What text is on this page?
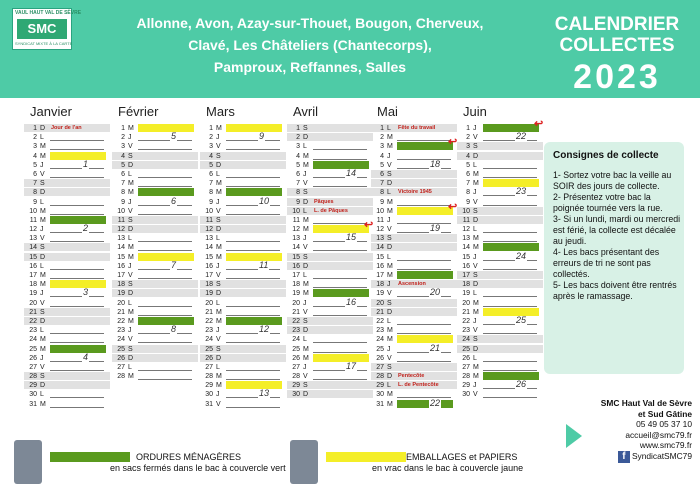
VAUL HAUT VAL DE SÈVRE
SMC
SYNDICAT MIXTE À LA CARTE
Allonne, Avon, Azay-sur-Thouet, Bougon, Cherveux,
Clavé, Les Châteliers (Chantecorps),
Pamproux, Reffannes, Salles
CALENDRIER
COLLECTES
2023
Janvier
1 D Jour de l'an
2 L
3 M
4 M
5 J	1
6 V
7 S
8 D
9 L
10 M
11 M
12 J	2
13 V
14 S
15 D
16 L
17 M
18 M
19 J	3
20 V
21 S
22 D
23 L
24 M
25 M
26 J	4
27 V
28 S
29 D
30 L
31 M
Février
1 M
2 J	5
3 V
4 S
5 D
6 L
7 M
8 M
9 J	6
10 V
11 S
12 D
13 L
14 M
15 M
16 J	7
17 V
18 S
19 D
20 L
21 M
22 M
23 J	8
24 V
25 S
26 D
27 L
28 M
Mars
1 M
2 J	9
3 V
4 S
5 D
6 L
7 M
8 M
9 J	10
10 V
11 S
12 D
13 L
14 M
15 M
16 J	11
17 V
18 S
19 D
20 L
21 M
22 M
23 J	12
24 V
25 S
26 D
27 L
28 M
29 M
30 J	13
31 V
Avril
1 S
2 D
3 L
4 M
5 M
6 J	14
7 V
8 S
9 D Pâques
10 L L. de Pâques
11 M
12 M	↩
13 J	15
14 V
15 S
16 D
17 L
18 M
19 M
20 J	16
21 V
22 S
23 D
24 L
25 M
26 M
27 J	17
28 V
29 S
30 D
Mai
1 L Fête du travail
2 M
3 M	↩
4 J
5 V	18
6 S
7 D
8 L Victoire 1945
9 M
10 M	↩
11 J
12 V	19
13 S
14 D
15 L
16 M
17 M
18 J Ascension
19 V	20
20 S
21 D
22 L
23 M
24 M
25 J	21
26 V
27 S
28 D Pentecôte
29 L L. de Pentecôte
30 M
31 M	22
Juin
1 J	↩
2 V	22
3 S
4 D
5 L
6 M
7 M
8 J	23
9 V
10 S
11 D
12 L
13 M
14 M
15 J	24
16 V
17 S
18 D
19 L
20 M
21 M
22 J	25
23 V
24 S
25 D
26 L
27 M
28 M
29 J	26
30 V
Consignes de collecte

1- Sortez votre bac la veille au SOIR des jours de collecte.

2- Présentez votre bac la poignée tournée vers la rue.

3- Si un lundi, mardi ou mercredi est férié, la collecte est décalée au jeudi.

4- Les bacs présentant des erreurs de tri ne sont pas collectés.

5- Les bacs doivent être rentrés après le ramassage.

SMC Haut Val de Sèvre
et Sud Gâtine
05 49 05 37 10
accueil@smc79.fr
www.smc79.fr
f SyndicatSMC79
ORDURES MÉNAGÈRES
en sacs fermés dans le bac à couvercle vert
EMBALLAGES et PAPIERS
en vrac dans le bac à couvercle jaune
